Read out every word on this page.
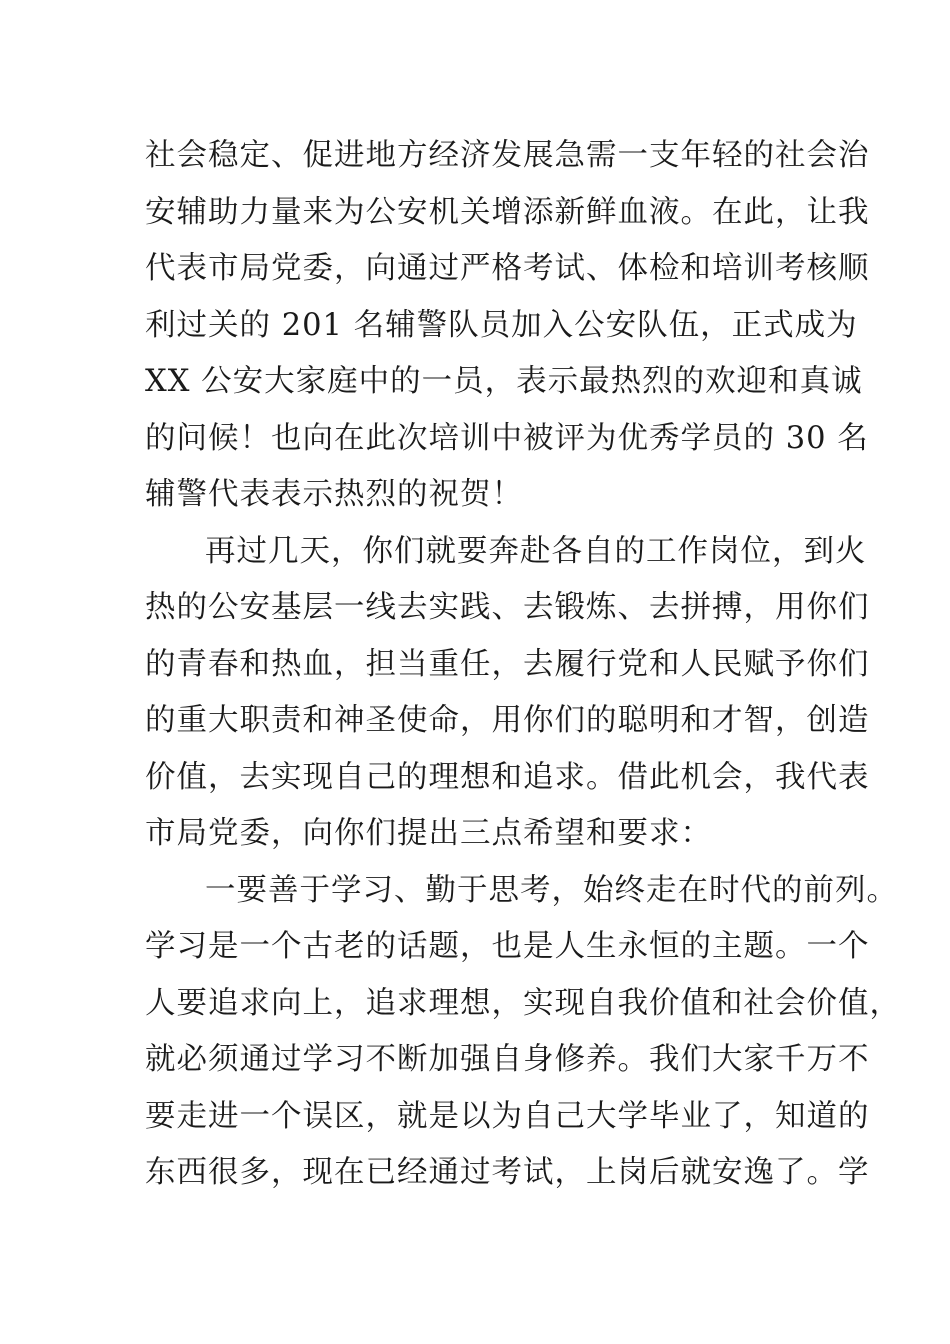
社会稳定、促进地方经济发展急需一支年轻的社会治
安辅助力量来为公安机关增添新鲜血液。在此，让我
代表市局党委，向通过严格考试、体检和培训考核顺
利过关的 201 名辅警队员加入公安队伍，正式成为
XX 公安大家庭中的一员，表示最热烈的欢迎和真诚
的问候！也向在此次培训中被评为优秀学员的 30 名
辅警代表表示热烈的祝贺！
再过几天，你们就要奔赴各自的工作岗位，到火
热的公安基层一线去实践、去锻炼、去拼搏，用你们
的青春和热血，担当重任，去履行党和人民赋予你们
的重大职责和神圣使命，用你们的聪明和才智，创造
价值，去实现自己的理想和追求。借此机会，我代表
市局党委，向你们提出三点希望和要求：
一要善于学习、勤于思考，始终走在时代的前列。
学习是一个古老的话题，也是人生永恒的主题。一个
人要追求向上，追求理想，实现自我价值和社会价值，
就必须通过学习不断加强自身修养。我们大家千万不
要走进一个误区，就是以为自己大学毕业了，知道的
东西很多，现在已经通过考试，上岗后就安逸了。学
